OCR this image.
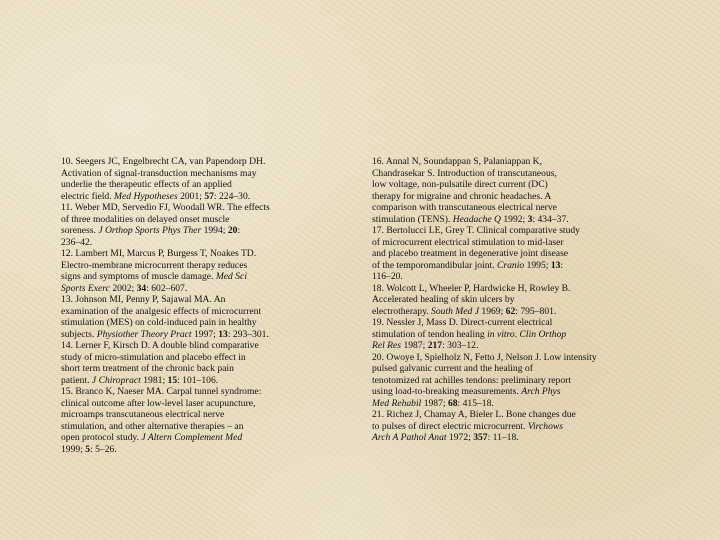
10. Seegers JC, Engelbrecht CA, van Papendorp DH.
Activation of signal-transduction mechanisms may
underlie the therapeutic effects of an applied
electric field. Med Hypotheses 2001; 57: 224–30.
11. Weber MD, Servedio FJ, Woodall WR. The effects
of three modalities on delayed onset muscle
soreness. J Orthop Sports Phys Ther 1994; 20:
236–42.
12. Lambert MI, Marcus P, Burgess T, Noakes TD.
Electro-membrane microcurrent therapy reduces
signs and symptoms of muscle damage. Med Sci
Sports Exerc 2002; 34: 602–607.
13. Johnson MI, Penny P, Sajawal MA. An
examination of the analgesic effects of microcurrent
stimulation (MES) on cold-induced pain in healthy
subjects. Physiother Theory Pract 1997; 13: 293–301.
14. Lerner F, Kirsch D. A double blind comparative
study of micro-stimulation and placebo effect in
short term treatment of the chronic back pain
patient. J Chiropract 1981; 15: 101–106.
15. Branco K, Naeser MA. Carpal tunnel syndrome:
clinical outcome after low-level laser acupuncture,
microamps transcutaneous electrical nerve
stimulation, and other alternative therapies – an
open protocol study. J Altern Complement Med
1999; 5: 5–26.
16. Annal N, Soundappan S, Palaniappan K,
Chandrasekar S. Introduction of transcutaneous,
low voltage, non-pulsatile direct current (DC)
therapy for migraine and chronic headaches. A
comparison with transcutaneous electrical nerve
stimulation (TENS). Headache Q 1992; 3: 434–37.
17. Bertolucci LE, Grey T. Clinical comparative study
of microcurrent electrical stimulation to mid-laser
and placebo treatment in degenerative joint disease
of the temporomandibular joint. Cranio 1995; 13:
116–20.
18. Wolcott L, Wheeler P, Hardwicke H, Rowley B.
Accelerated healing of skin ulcers by
electrotherapy. South Med J 1969; 62: 795–801.
19. Nessler J, Mass D. Direct-current electrical
stimulation of tendon healing in vitro. Clin Orthop
Rel Res 1987; 217: 303–12.
20. Owoye I, Spielholz N, Fetto J, Nelson J. Low intensity
pulsed galvanic current and the healing of
tenotomized rat achilles tendons: preliminary report
using load-to-breaking measurements. Arch Phys
Med Rehabil 1987; 68: 415–18.
21. Richez J, Chamay A, Bieler L. Bone changes due
to pulses of direct electric microcurrent. Virchows
Arch A Pathol Anat 1972; 357: 11–18.
